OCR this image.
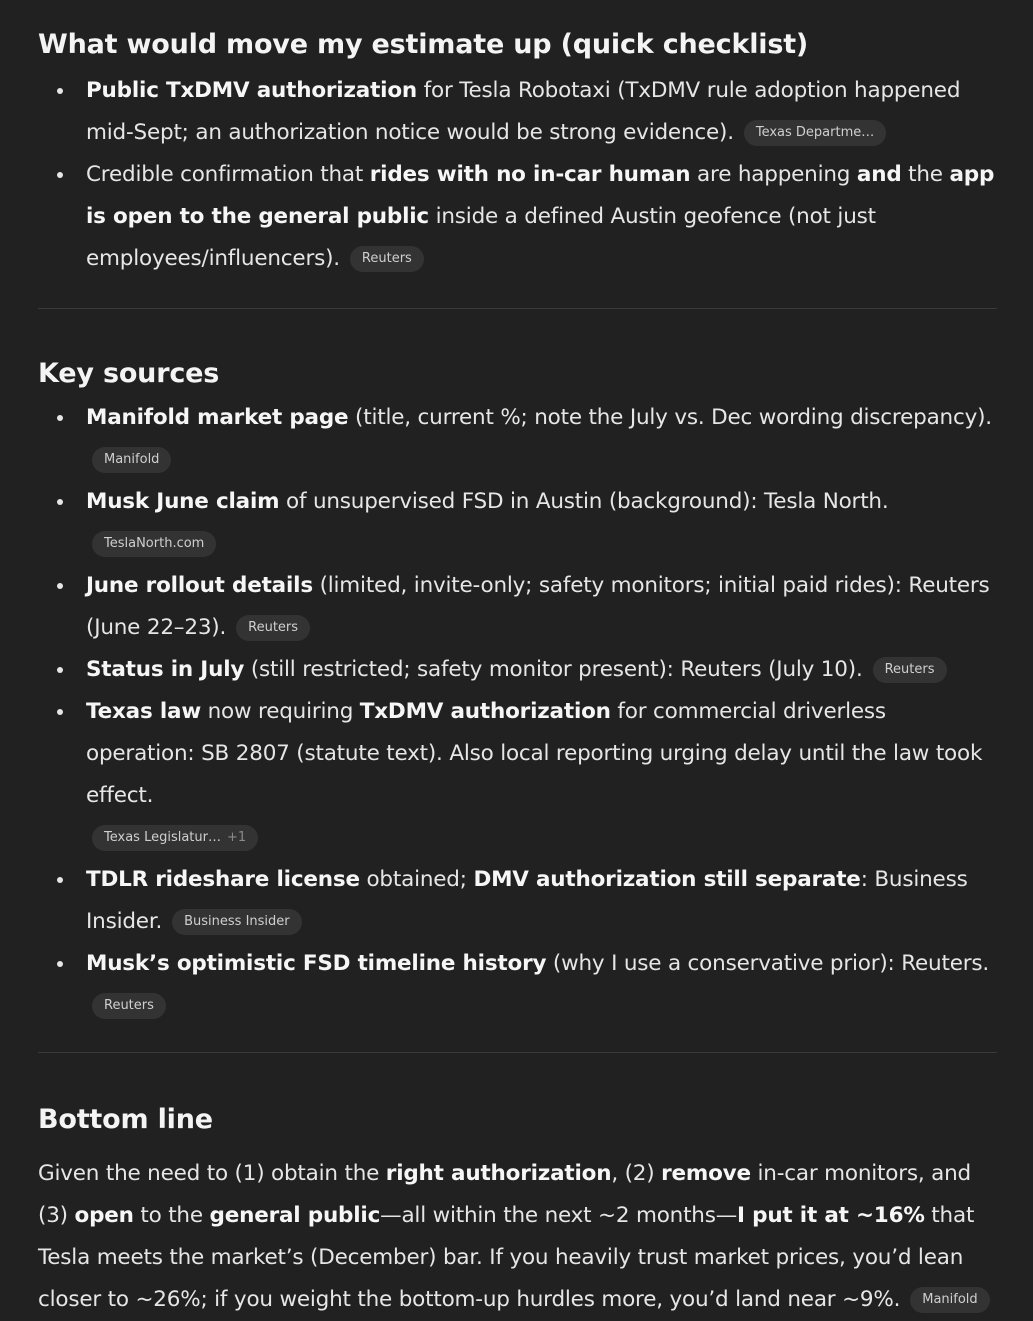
What would move my estimate up (quick checklist)
Public TxDMV authorization for Tesla Robotaxi (TxDMV rule adoption happened mid-Sept; an authorization notice would be strong evidence). Texas Departme…
Credible confirmation that rides with no in-car human are happening and the app is open to the general public inside a defined Austin geofence (not just employees/influencers). Reuters
Key sources
Manifold market page (title, current %; note the July vs. Dec wording discrepancy).
Manifold
Musk June claim of unsupervised FSD in Austin (background): Tesla North.
TeslaNorth.com
June rollout details (limited, invite-only; safety monitors; initial paid rides): Reuters (June 22–23). Reuters
Status in July (still restricted; safety monitor present): Reuters (July 10). Reuters
Texas law now requiring TxDMV authorization for commercial driverless operation: SB 2807 (statute text). Also local reporting urging delay until the law took effect.
Texas Legislatur… +1
TDLR rideshare license obtained; DMV authorization still separate: Business Insider. Business Insider
Musk’s optimistic FSD timeline history (why I use a conservative prior): Reuters.
Reuters
Bottom line

Given the need to (1) obtain the right authorization, (2) remove in-car monitors, and (3) open to the general public—all within the next ~2 months—I put it at ~16% that Tesla meets the market’s (December) bar. If you heavily trust market prices, you’d lean closer to ~26%; if you weight the bottom-up hurdles more, you’d land near ~9%. Manifold
